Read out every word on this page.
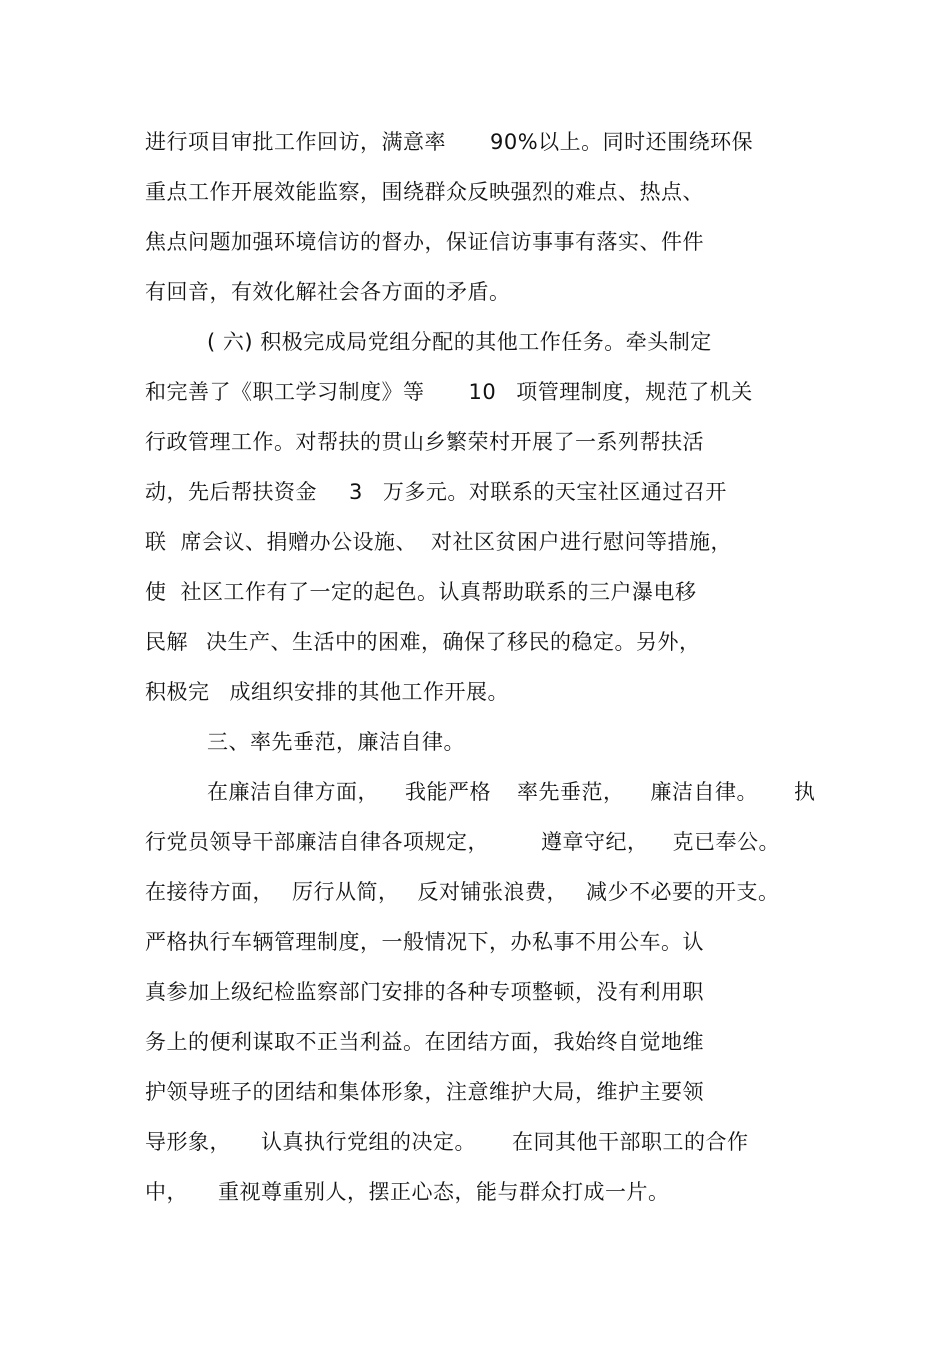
进行项目审批工作回访，满意率 90%以上。同时还围绕环保
重点工作开展效能监察，围绕群众反映强烈的难点、热点、
焦点问题加强环境信访的督办，保证信访事事有落实、件件
有回音，有效化解社会各方面的矛盾。
( 六) 积极完成局党组分配的其他工作任务。牵头制定
和完善了《职工学习制度》等 10 项管理制度，规范了机关
行政管理工作。对帮扶的贯山乡繁荣村开展了一系列帮扶活
动，先后帮扶资金 3 万多元。对联系的天宝社区通过召开
联 席会议、捐赠办公设施、 对社区贫困户进行慰问等措施，
使 社区工作有了一定的起色。认真帮助联系的三户瀑电移
民解 决生产、生活中的困难，确保了移民的稳定。另外，
积极完 成组织安排的其他工作开展。
三、率先垂范，廉洁自律。
在廉洁自律方面， 我能严格 率先垂范， 廉洁自律。 执
行党员领导干部廉洁自律各项规定， 遵章守纪， 克已奉公。
在接待方面， 厉行从简， 反对铺张浪费， 减少不必要的开支。
严格执行车辆管理制度，一般情况下，办私事不用公车。认
真参加上级纪检监察部门安排的各种专项整顿，没有利用职
务上的便利谋取不正当利益。在团结方面，我始终自觉地维
护领导班子的团结和集体形象，注意维护大局，维护主要领
导形象， 认真执行党组的决定。 在同其他干部职工的合作
中， 重视尊重别人，摆正心态，能与群众打成一片。
